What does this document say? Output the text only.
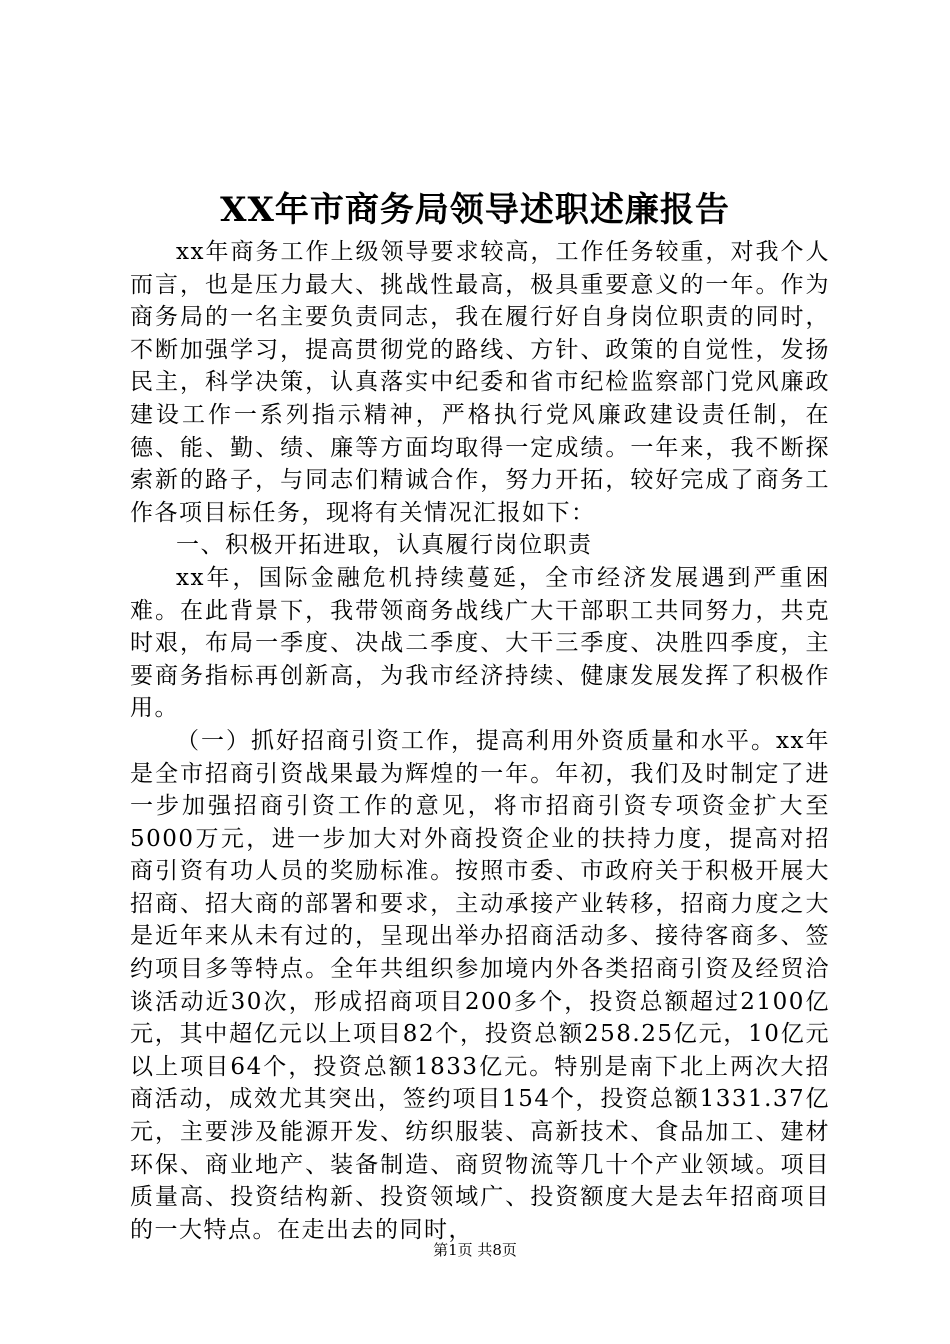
XX年市商务局领导述职述廉报告

xx年商务工作上级领导要求较高，工作任务较重，对我个人而言，也是压力最大、挑战性最高，极具重要意义的一年。作为商务局的一名主要负责同志，我在履行好自身岗位职责的同时，不断加强学习，提高贯彻党的路线、方针、政策的自觉性，发扬民主，科学决策，认真落实中纪委和省市纪检监察部门党风廉政建设工作一系列指示精神，严格执行党风廉政建设责任制，在德、能、勤、绩、廉等方面均取得一定成绩。一年来，我不断探索新的路子，与同志们精诚合作，努力开拓，较好完成了商务工作各项目标任务，现将有关情况汇报如下：

一、积极开拓进取，认真履行岗位职责

xx年，国际金融危机持续蔓延，全市经济发展遇到严重困难。在此背景下，我带领商务战线广大干部职工共同努力，共克时艰，布局一季度、决战二季度、大干三季度、决胜四季度，主要商务指标再创新高，为我市经济持续、健康发展发挥了积极作用。

（一）抓好招商引资工作，提高利用外资质量和水平。xx年是全市招商引资战果最为辉煌的一年。年初，我们及时制定了进一步加强招商引资工作的意见，将市招商引资专项资金扩大至5000万元，进一步加大对外商投资企业的扶持力度，提高对招商引资有功人员的奖励标准。按照市委、市政府关于积极开展大招商、招大商的部署和要求，主动承接产业转移，招商力度之大是近年来从未有过的，呈现出举办招商活动多、接待客商多、签约项目多等特点。全年共组织参加境内外各类招商引资及经贸洽谈活动近30次，形成招商项目200多个，投资总额超过2100亿元，其中超亿元以上项目82个，投资总额258.25亿元，10亿元以上项目64个，投资总额1833亿元。特别是南下北上两次大招商活动，成效尤其突出，签约项目154个，投资总额1331.37亿元，主要涉及能源开发、纺织服装、高新技术、食品加工、建材环保、商业地产、装备制造、商贸物流等几十个产业领域。项目质量高、投资结构新、投资领域广、投资额度大是去年招商项目的一大特点。在走出去的同时，

第1页 共8页
